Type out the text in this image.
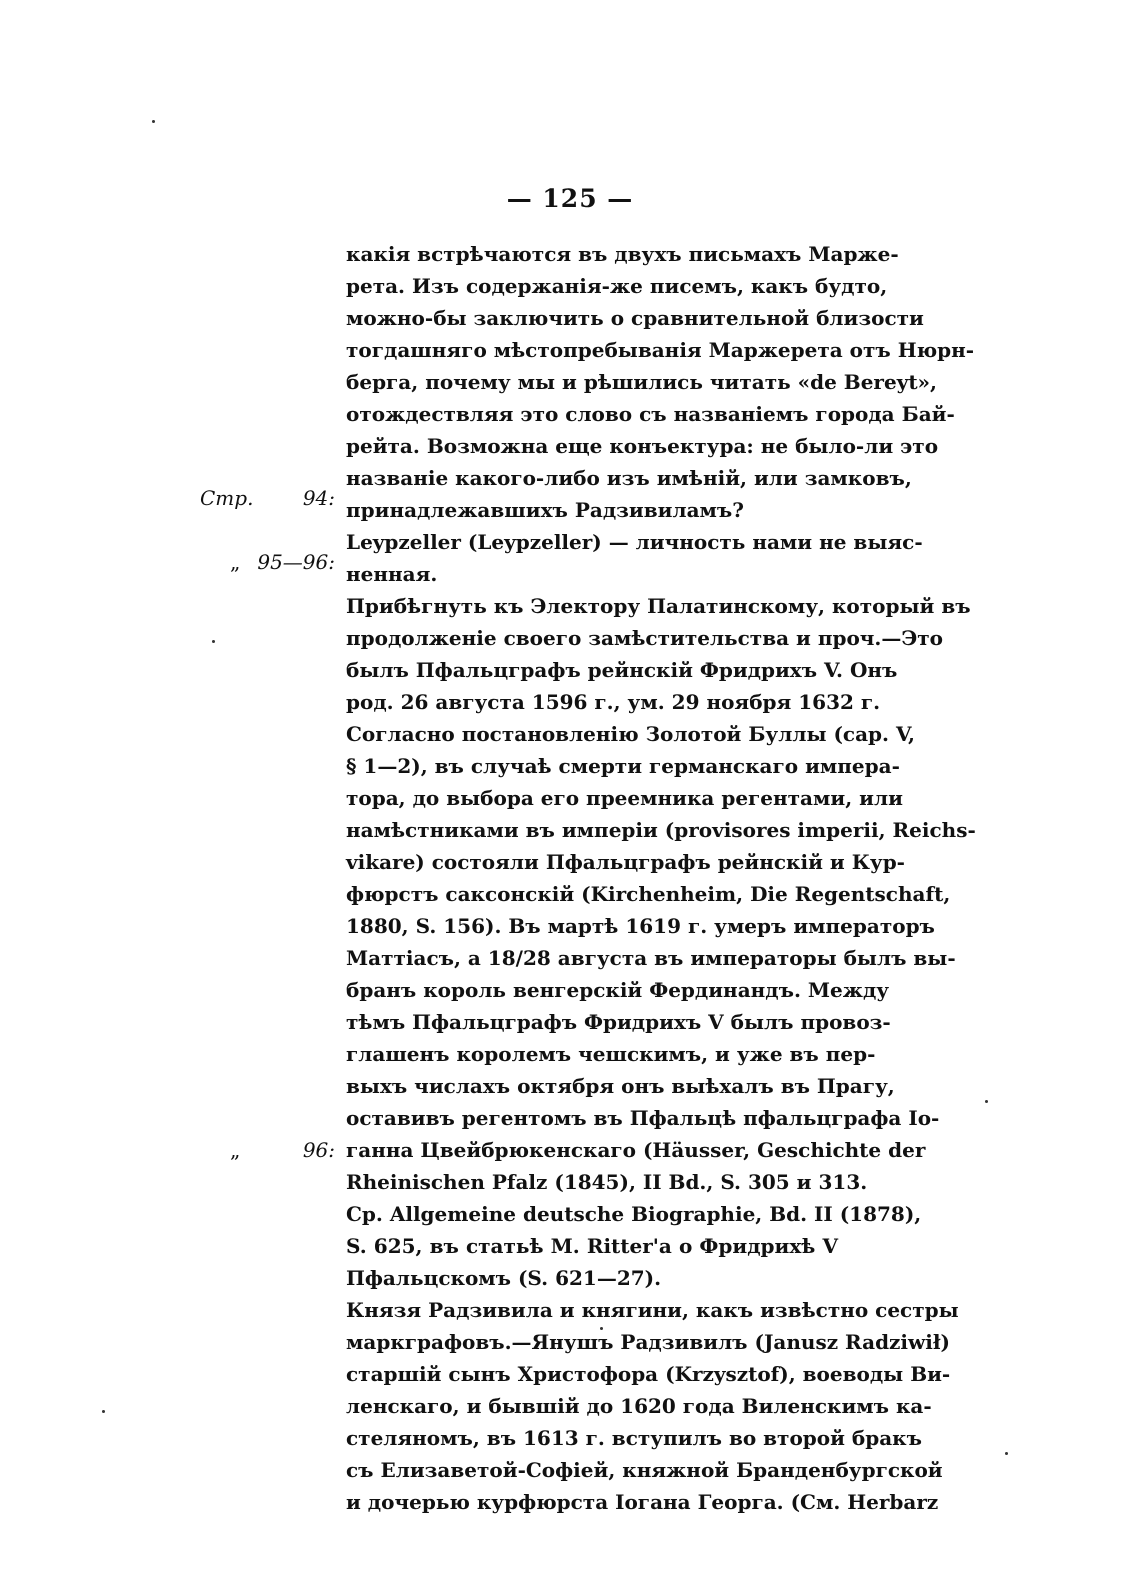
— 125 —
какія встрѣчаются въ двухъ письмахъ Марже-
рета. Изъ содержанія-же писемъ, какъ будто,
можно-бы заключить о сравнительной близости
тогдашняго мѣстопребыванія Маржерета отъ Нюрн-
берга, почему мы и рѣшились читать «de Bereyt»,
отождествляя это слово съ названіемъ города Бай-
рейта. Возможна еще конъектура: не было-ли это
названіе какого-либо изъ имѣній, или замковъ,
принадлежавшихъ Радзивиламъ?
Leypzeller (Leypzeller) — личность нами не выяс-
ненная.
Прибѣгнуть къ Электору Палатинскому, который въ
продолженіе своего замѣстительства и проч.—Это
былъ Пфальцграфъ рейнскій Фридрихъ V. Онъ
род. 26 августа 1596 г., ум. 29 ноября 1632 г.
Согласно постановленію Золотой Буллы (cap. V,
§ 1—2), въ случаѣ смерти германскаго импера-
тора, до выбора его преемника регентами, или
намѣстниками въ имперіи (provisores imperii, Reichs-
vikare) состояли Пфальцграфъ рейнскій и Кур-
фюрстъ саксонскій (Kirchenheim, Die Regentschaft,
1880, S. 156). Въ мартѣ 1619 г. умеръ императоръ
Маттіасъ, а 18/28 августа въ императоры былъ вы-
бранъ король венгерскій Фердинандъ. Между
тѣмъ Пфальцграфъ Фридрихъ V былъ провоз-
глашенъ королемъ чешскимъ, и уже въ пер-
выхъ числахъ октября онъ выѣхалъ въ Прагу,
оставивъ регентомъ въ Пфальцѣ пфальцграфа Іо-
ганна Цвейбрюкенскаго (Häusser, Geschichte der
Rheinischen Pfalz (1845), II Bd., S. 305 и 313.
Cp. Allgemeine deutsche Biographie, Bd. II (1878),
S. 625, въ статьѣ M. Ritter'a о Фридрихѣ V
Пфальцскомъ (S. 621—27).
Князя Радзивила и княгини, какъ извѣстно сестры
маркграфовъ.—Янушъ Радзивилъ (Janusz Radziwił)
старшій сынъ Христофора (Krzysztof), воеводы Ви-
ленскаго, и бывшій до 1620 года Виленскимъ ка-
стеляномъ, въ 1613 г. вступилъ во второй бракъ
съ Елизаветой-Софіей, княжной Бранденбургской
и дочерью курфюрста Іогана Георга. (См. Herbarz
Стр.	94:
„ 95—96:
„	96:
